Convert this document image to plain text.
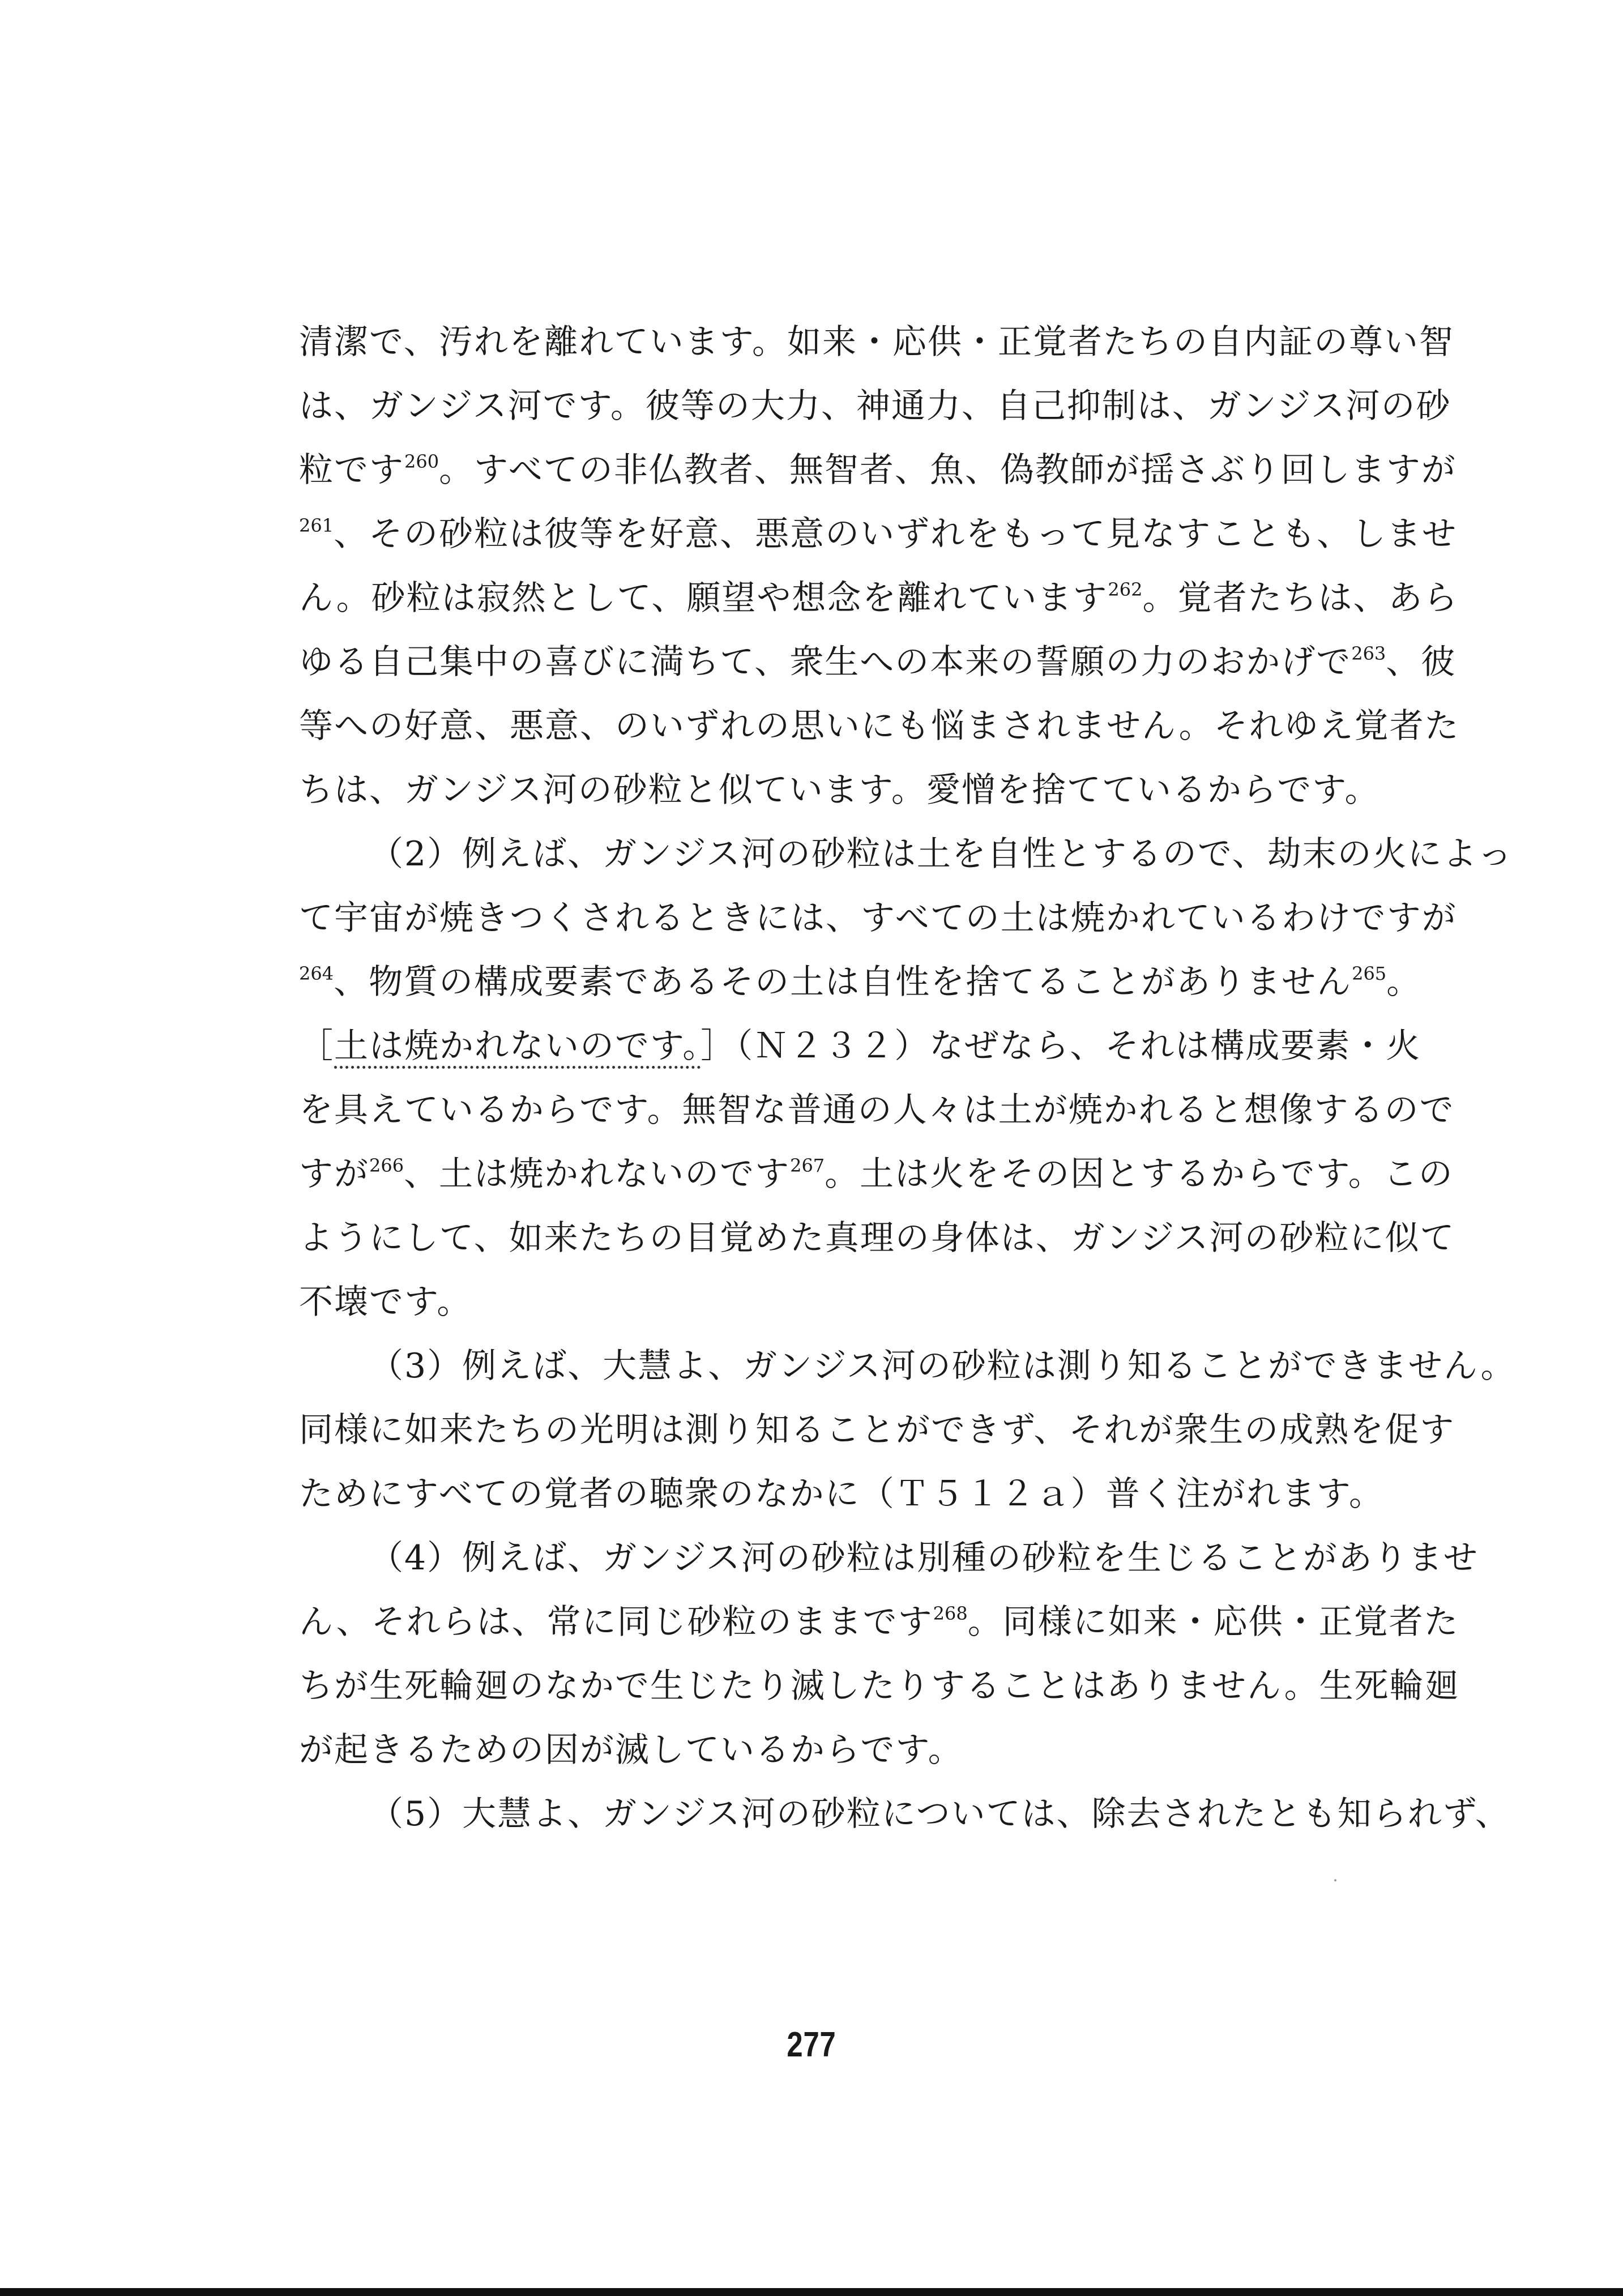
清潔で、汚れを離れています。如来・応供・正覚者たちの自内証の尊い智
は、ガンジス河です。彼等の大力、神通力、自己抑制は、ガンジス河の砂
粒です$^{260}$。すべての非仏教者、無智者、魚、偽教師が揺さぶり回しますが
$^{261}$、その砂粒は彼等を好意、悪意のいずれをもって見なすことも、しませ
ん。砂粒は寂然として、願望や想念を離れています$^{262}$。覚者たちは、あら
ゆる自己集中の喜びに満ちて、衆生への本来の誓願の力のおかげで$^{263}$、彼
等への好意、悪意、のいずれの思いにも悩まされません。それゆえ覚者た
ちは、ガンジス河の砂粒と似ています。愛憎を捨てているからです。
（2）例えば、ガンジス河の砂粒は土を自性とするので、劫末の火によっ
て宇宙が焼きつくされるときには、すべての土は焼かれているわけですが
$^{264}$、物質の構成要素であるその土は自性を捨てることがありません$^{265}$。
［土は焼かれないのです。］（Ｎ２３２）なぜなら、それは構成要素・火
を具えているからです。無智な普通の人々は土が焼かれると想像するので
すが$^{266}$、土は焼かれないのです$^{267}$。土は火をその因とするからです。この
ようにして、如来たちの目覚めた真理の身体は、ガンジス河の砂粒に似て
不壊です。
（3）例えば、大慧よ、ガンジス河の砂粒は測り知ることができません。
同様に如来たちの光明は測り知ることができず、それが衆生の成熟を促す
ためにすべての覚者の聴衆のなかに（Ｔ５１２ａ）普く注がれます。
（4）例えば、ガンジス河の砂粒は別種の砂粒を生じることがありませ
ん、それらは、常に同じ砂粒のままです$^{268}$。同様に如来・応供・正覚者た
ちが生死輪廻のなかで生じたり滅したりすることはありません。生死輪廻
が起きるための因が滅しているからです。
（5）大慧よ、ガンジス河の砂粒については、除去されたとも知られず、
277
